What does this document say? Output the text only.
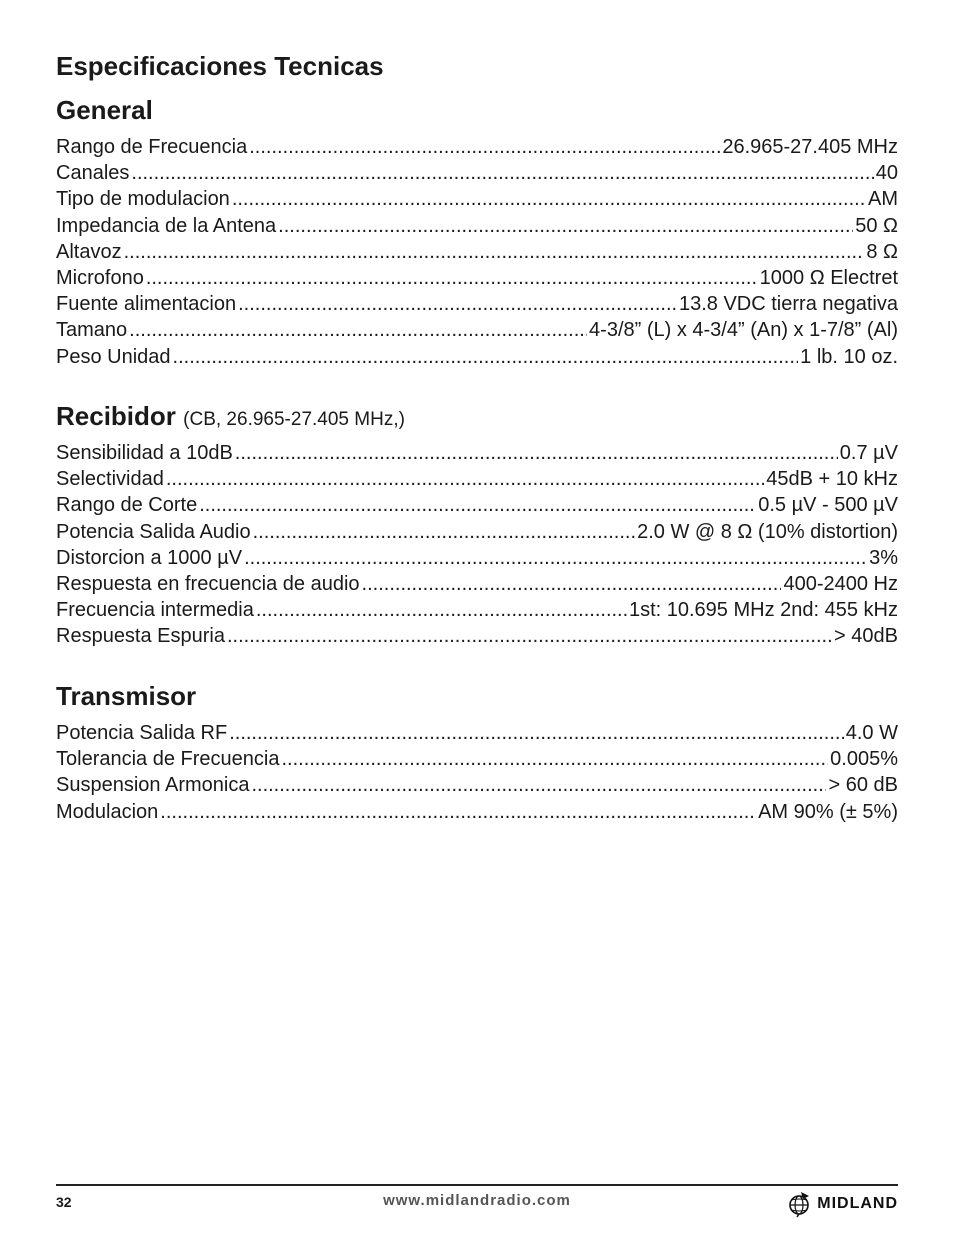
Especificaciones Tecnicas
General
Rango de Frecuencia .....	26.965-27.405 MHz
Canales .....	40
Tipo de modulacion .....	AM
Impedancia de la Antena .....	50 Ω
Altavoz .....	8 Ω
Microfono .....	1000 Ω Electret
Fuente alimentacion .....	13.8 VDC tierra negativa
Tamano .....	4-3/8” (L) x 4-3/4” (An) x 1-7/8” (Al)
Peso Unidad .....	1 lb. 10 oz.
Recibidor (CB, 26.965-27.405 MHz,)
Sensibilidad a 10dB .....	0.7 µV
Selectividad .....	45dB + 10 kHz
Rango de Corte .....	0.5 µV - 500 µV
Potencia Salida Audio .....	2.0 W @ 8 Ω (10% distortion)
Distorcion a 1000 µV .....	3%
Respuesta en frecuencia de audio .....	400-2400 Hz
Frecuencia intermedia .....	1st: 10.695 MHz 2nd: 455 kHz
Respuesta Espuria .....	> 40dB
Transmisor
Potencia Salida RF .....	4.0 W
Tolerancia de Frecuencia .....	0.005%
Suspension Armonica .....	> 60 dB
Modulacion .....	AM 90% (± 5%)
32	www.midlandradio.com	MIDLAND
